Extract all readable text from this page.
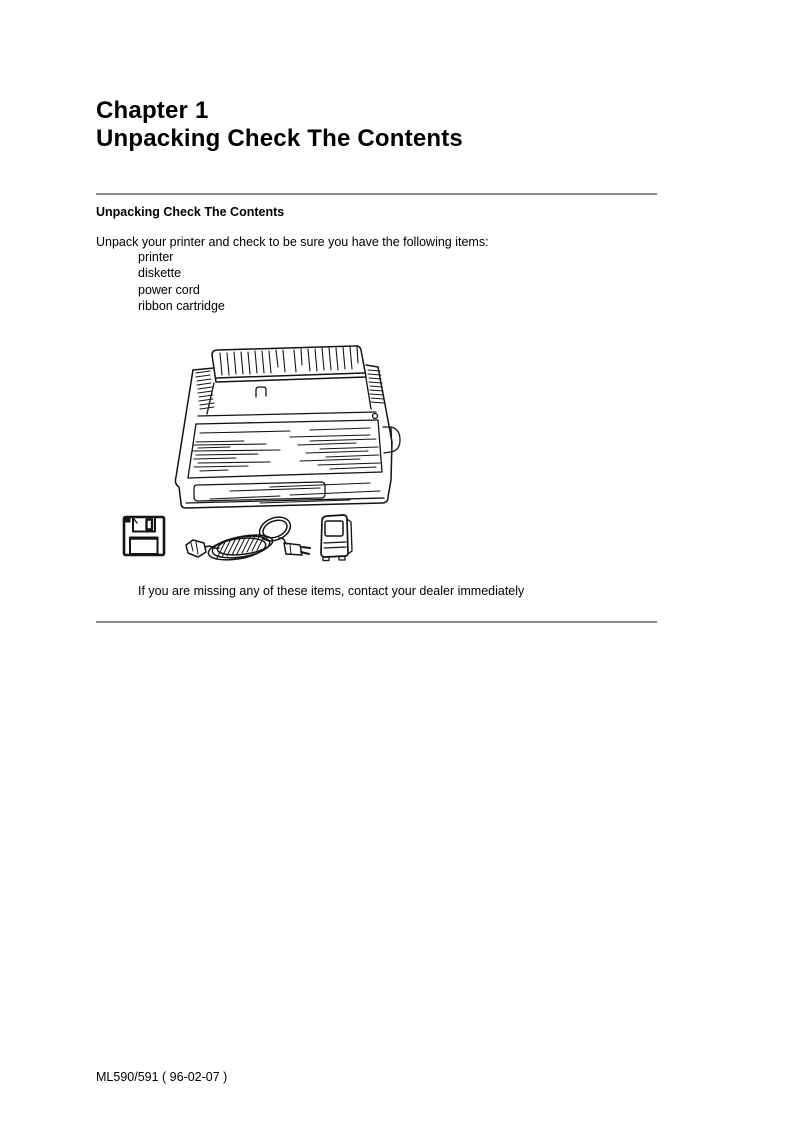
Chapter 1
Unpacking Check The Contents
Unpacking Check The Contents
Unpack your printer and check to be sure you have the following items:
printer
diskette
power cord
ribbon cartridge
If you are missing any of these items, contact your dealer immediately
ML590/591 ( 96-02-07 )
